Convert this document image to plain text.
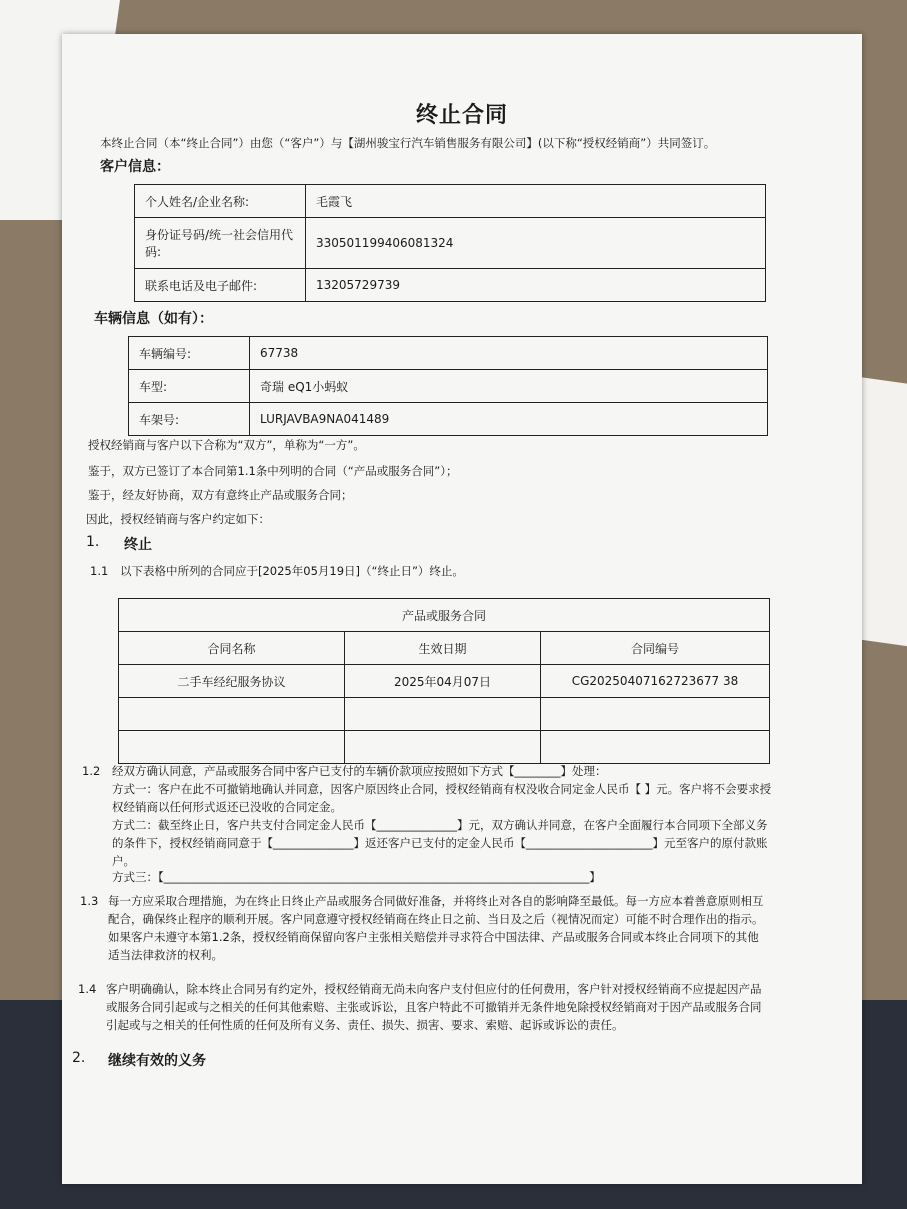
终止合同
本终止合同（本“终止合同”）由您（“客户”）与【湖州骏宝行汽车销售服务有限公司】(以下称“授权经销商”）共同签订。
客户信息：
个人姓名/企业名称:	毛霞飞
身份证号码/统一社会信用代码:	330501199406081324
联系电话及电子邮件:	13205729739
车辆信息（如有）：
车辆编号:	67738
车型:	奇瑞 eQ1小蚂蚁
车架号:	LURJAVBA9NA041489
授权经销商与客户以下合称为“双方”，单称为“一方”。
鉴于，双方已签订了本合同第1.1条中列明的合同（“产品或服务合同”）；
鉴于，经友好协商，双方有意终止产品或服务合同；
因此，授权经销商与客户约定如下：
1. 终止
1.1 以下表格中所列的合同应于[2025年05月19日]（“终止日”）终止。
产品或服务合同		
合同名称	生效日期	合同编号
二手车经纪服务协议	2025年04月07日	CG20250407162723677 38

1.2 经双方确认同意，产品或服务合同中客户已支付的车辆价款项应按照如下方式【________】处理：
方式一：客户在此不可撤销地确认并同意，因客户原因终止合同，授权经销商有权没收合同定金人民币【 】元。客户将不会要求授
权经销商以任何形式返还已没收的合同定金。
方式二：截至终止日，客户共支付合同定金人民币【______________】元，双方确认并同意，在客户全面履行本合同项下全部义务
的条件下，授权经销商同意于【______________】返还客户已支付的定金人民币【______________________】元至客户的原付款账
户。
方式三：【__________________________________________________________________________】
1.3 每一方应采取合理措施，为在终止日终止产品或服务合同做好准备，并将终止对各自的影响降至最低。每一方应本着善意原则相互
配合，确保终止程序的顺利开展。客户同意遵守授权经销商在终止日之前、当日及之后（视情况而定）可能不时合理作出的指示。
如果客户未遵守本第1.2条，授权经销商保留向客户主张相关赔偿并寻求符合中国法律、产品或服务合同或本终止合同项下的其他
适当法律救济的权利。
1.4 客户明确确认，除本终止合同另有约定外，授权经销商无尚未向客户支付但应付的任何费用，客户针对授权经销商不应提起因产品
或服务合同引起或与之相关的任何其他索赔、主张或诉讼，且客户特此不可撤销并无条件地免除授权经销商对于因产品或服务合同
引起或与之相关的任何性质的任何及所有义务、责任、损失、损害、要求、索赔、起诉或诉讼的责任。
2. 继续有效的义务
